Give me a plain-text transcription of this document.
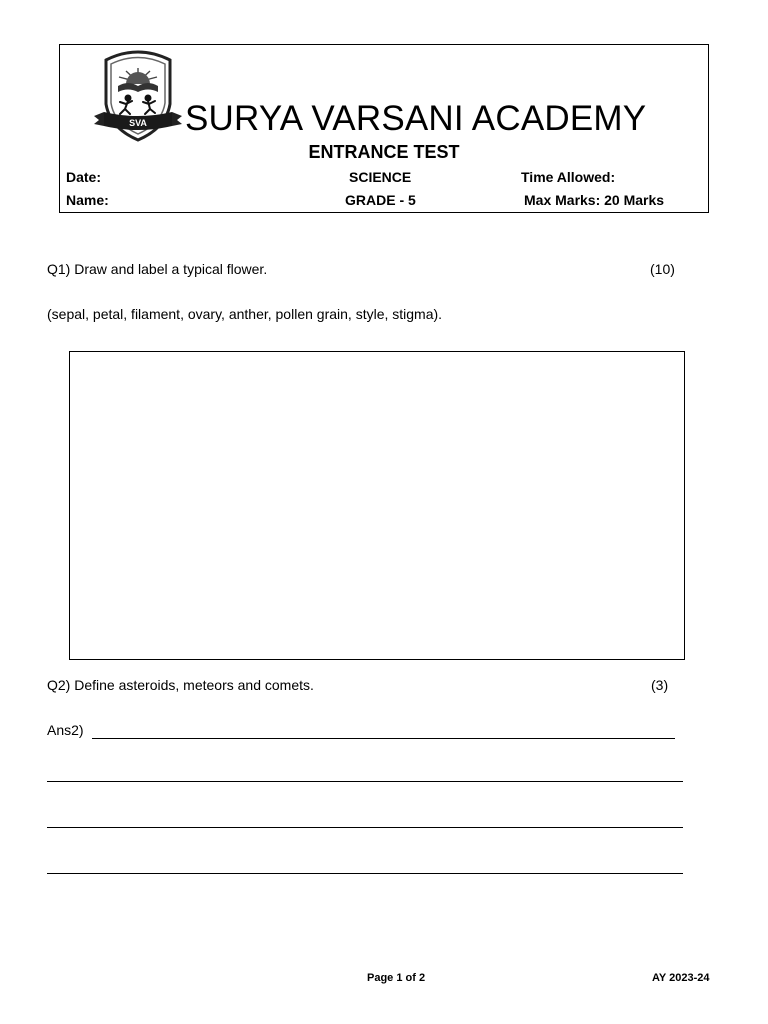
SVA SURYA VARSANI ACADEMY
ENTRANCE TEST
Date:	SCIENCE	Time Allowed:
Name:	GRADE - 5	Max Marks: 20 Marks
Q1) Draw and label a typical flower.	(10)
(sepal, petal, filament, ovary, anther, pollen grain, style, stigma).
Q2) Define asteroids, meteors and comets.	(3)
Ans2)
Page 1 of 2	AY 2023-24
